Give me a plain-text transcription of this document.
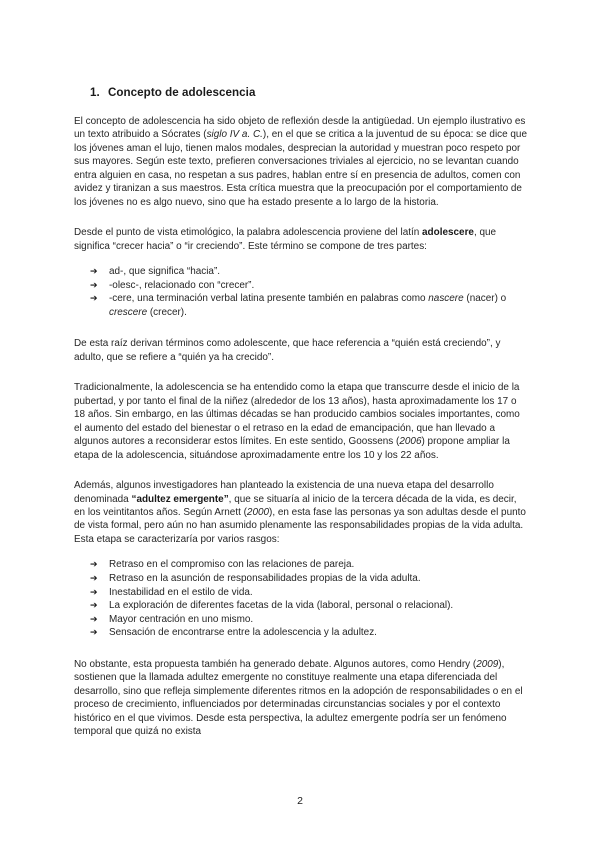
1. Concepto de adolescencia

El concepto de adolescencia ha sido objeto de reflexión desde la antigüedad. Un ejemplo ilustrativo es un texto atribuido a Sócrates (siglo IV a. C.), en el que se critica a la juventud de su época: se dice que los jóvenes aman el lujo, tienen malos modales, desprecian la autoridad y muestran poco respeto por sus mayores. Según este texto, prefieren conversaciones triviales al ejercicio, no se levantan cuando entra alguien en casa, no respetan a sus padres, hablan entre sí en presencia de adultos, comen con avidez y tiranizan a sus maestros. Esta crítica muestra que la preocupación por el comportamiento de los jóvenes no es algo nuevo, sino que ha estado presente a lo largo de la historia.

Desde el punto de vista etimológico, la palabra adolescencia proviene del latín adolescere, que significa “crecer hacia” o “ir creciendo”. Este término se compone de tres partes:

➔ ad-, que significa “hacia”.
➔ -olesc-, relacionado con “crecer”.
➔ -cere, una terminación verbal latina presente también en palabras como nascere (nacer) o crescere (crecer).

De esta raíz derivan términos como adolescente, que hace referencia a “quién está creciendo”, y adulto, que se refiere a “quién ya ha crecido”.

Tradicionalmente, la adolescencia se ha entendido como la etapa que transcurre desde el inicio de la pubertad, y por tanto el final de la niñez (alrededor de los 13 años), hasta aproximadamente los 17 o 18 años. Sin embargo, en las últimas décadas se han producido cambios sociales importantes, como el aumento del estado del bienestar o el retraso en la edad de emancipación, que han llevado a algunos autores a reconsiderar estos límites. En este sentido, Goossens (2006) propone ampliar la etapa de la adolescencia, situándose aproximadamente entre los 10 y los 22 años.

Además, algunos investigadores han planteado la existencia de una nueva etapa del desarrollo denominada “adultez emergente”, que se situaría al inicio de la tercera década de la vida, es decir, en los veintitantos años. Según Arnett (2000), en esta fase las personas ya son adultas desde el punto de vista formal, pero aún no han asumido plenamente las responsabilidades propias de la vida adulta. Esta etapa se caracterizaría por varios rasgos:

➔ Retraso en el compromiso con las relaciones de pareja.
➔ Retraso en la asunción de responsabilidades propias de la vida adulta.
➔ Inestabilidad en el estilo de vida.
➔ La exploración de diferentes facetas de la vida (laboral, personal o relacional).
➔ Mayor centración en uno mismo.
➔ Sensación de encontrarse entre la adolescencia y la adultez.

No obstante, esta propuesta también ha generado debate. Algunos autores, como Hendry (2009), sostienen que la llamada adultez emergente no constituye realmente una etapa diferenciada del desarrollo, sino que refleja simplemente diferentes ritmos en la adopción de responsabilidades o en el proceso de crecimiento, influenciados por determinadas circunstancias sociales y por el contexto histórico en el que vivimos. Desde esta perspectiva, la adultez emergente podría ser un fenómeno temporal que quizá no exista

2
